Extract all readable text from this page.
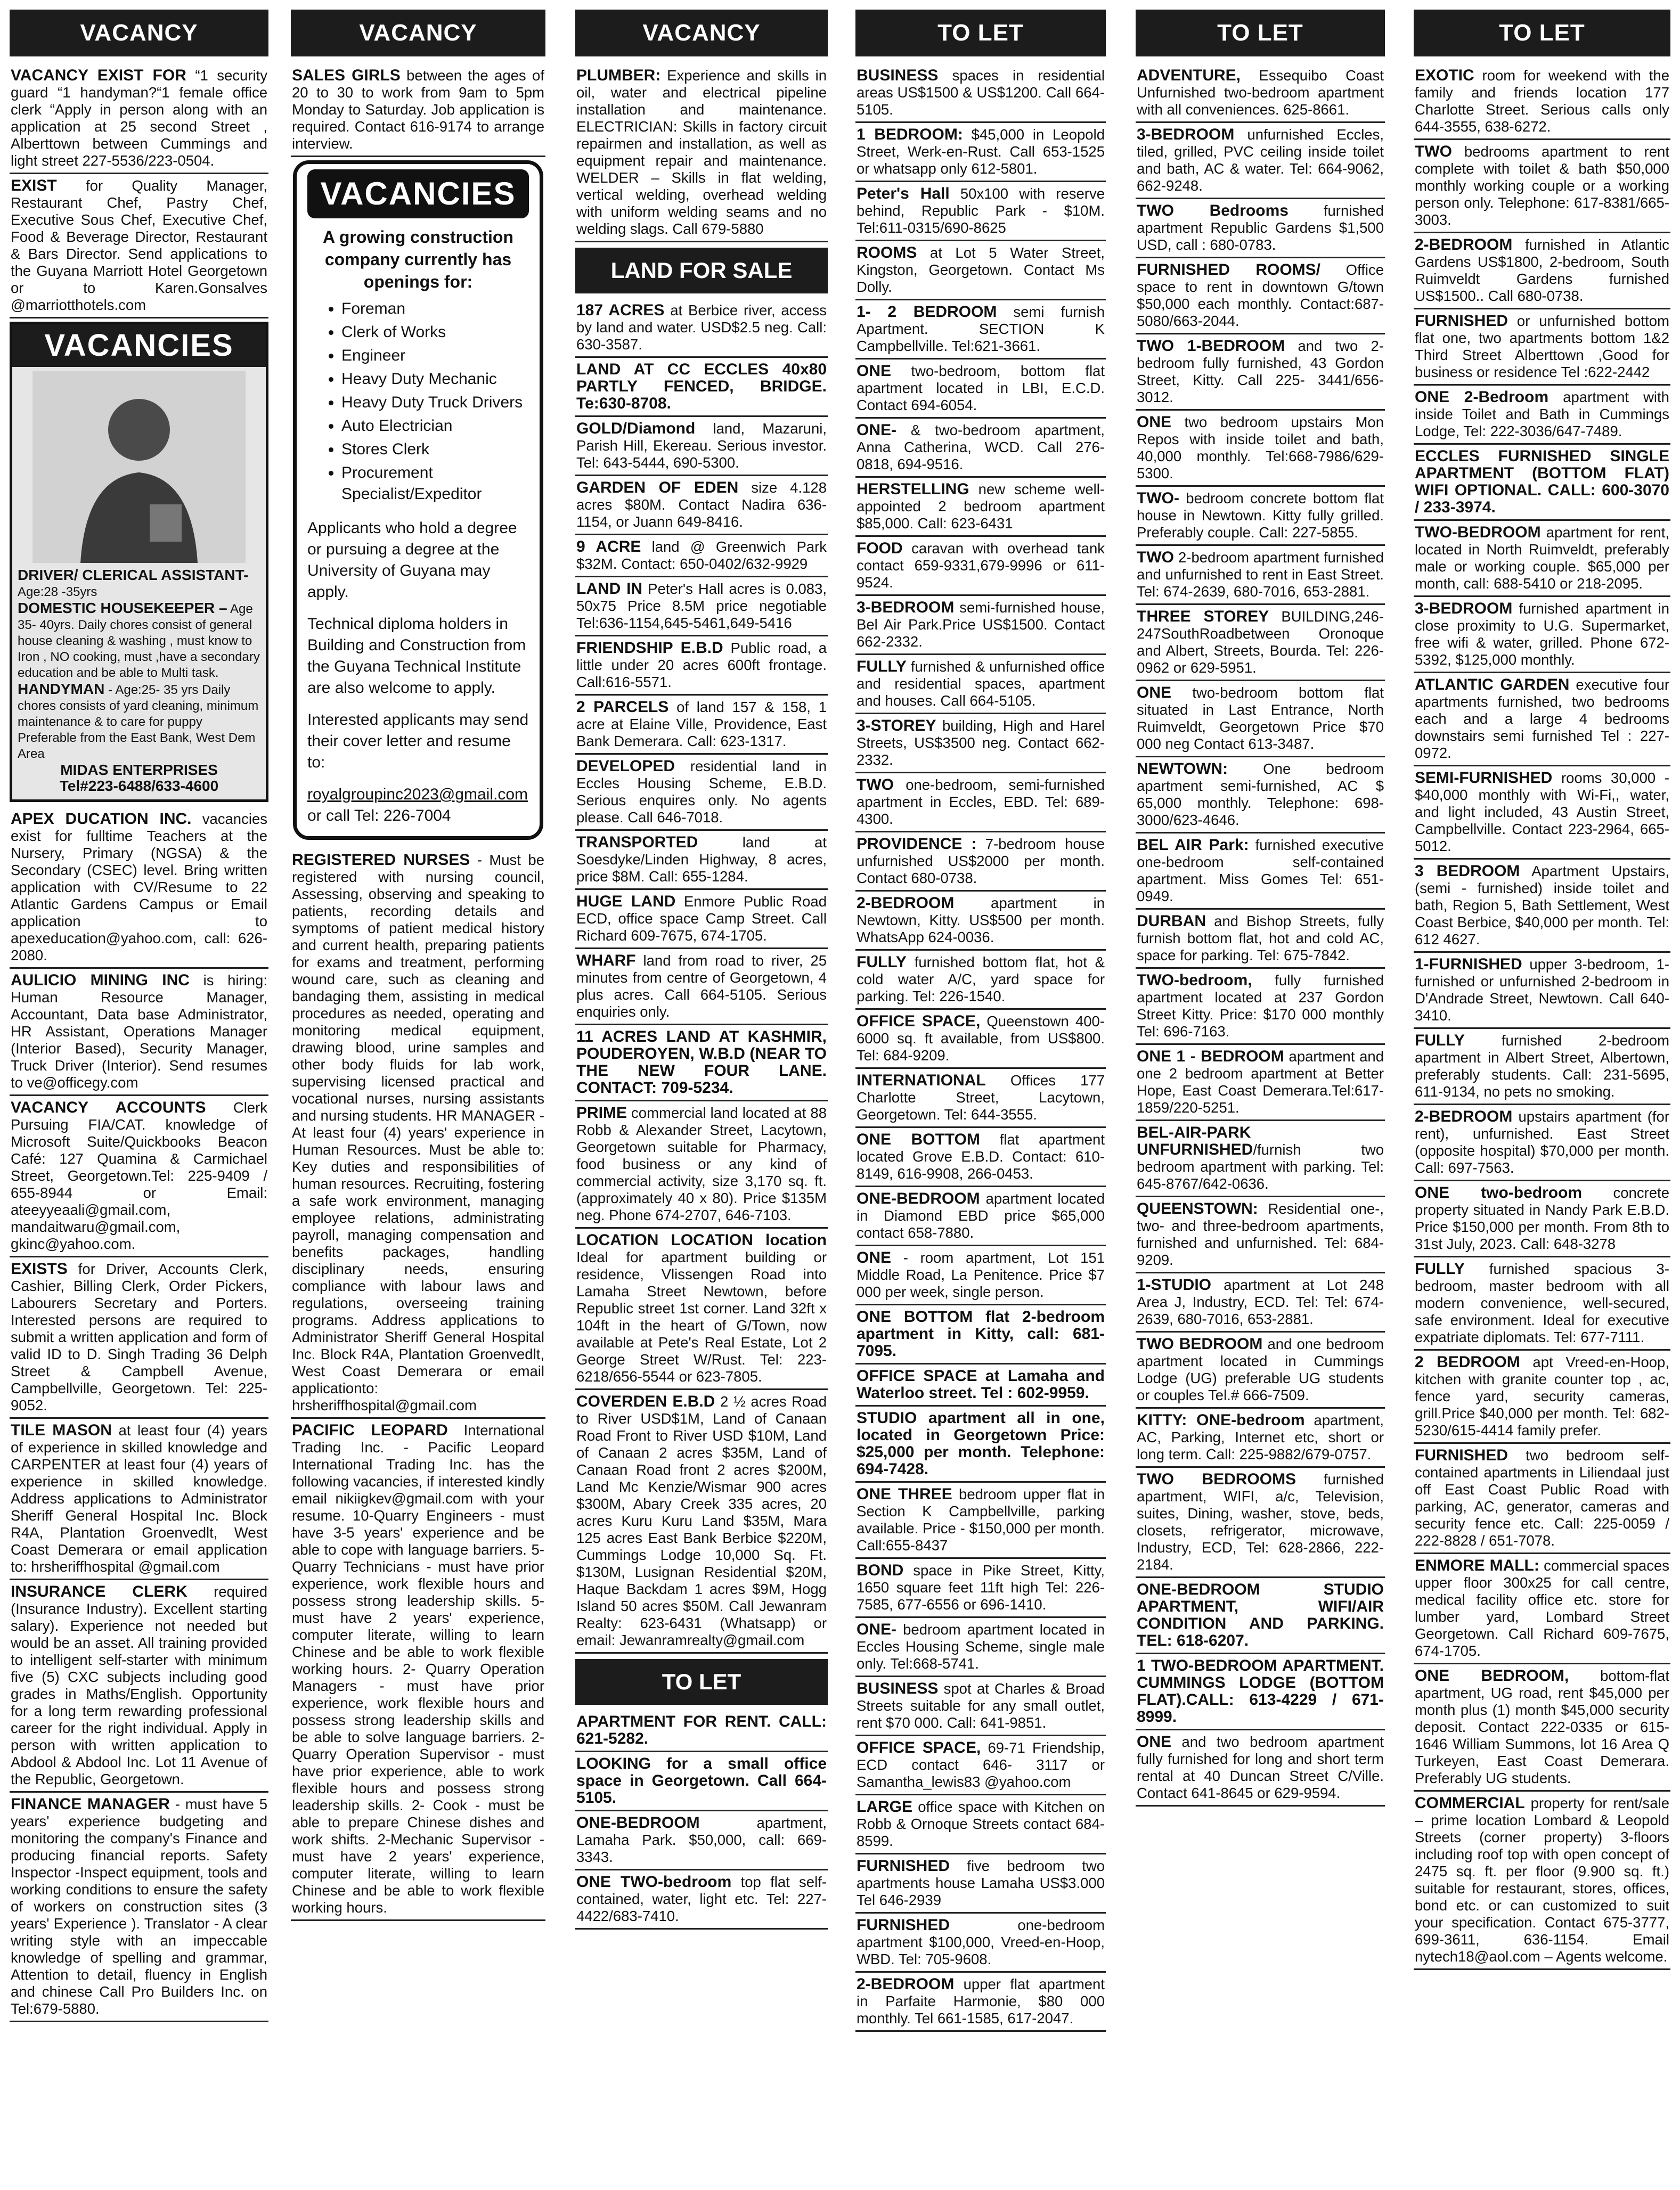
VACANCY
VACANCY EXIST FOR “1 security guard “1 handyman?“1 female office clerk “Apply in person along with an application at 25 second Street , Alberttown between Cummings and light street 227-5536/223-0504.
EXIST for Quality Manager, Restaurant Chef, Pastry Chef, Executive Sous Chef, Executive Chef, Food & Beverage Director, Restaurant & Bars Director. Send applications to the Guyana Marriott Hotel Georgetown or to Karen.Gonsalves @marriotthotels.com
VACANCIES
DRIVER/ CLERICAL ASSISTANT-
Age:28 -35yrs
DOMESTIC HOUSEKEEPER – Age 35- 40yrs. Daily chores consist of general house cleaning & washing , must know to Iron , NO cooking, must ,have a secondary education and be able to Multi task.
HANDYMAN - Age:25- 35 yrs Daily chores consists of yard cleaning, minimum maintenance & to care for puppy Preferable from the East Bank, West Dem Area
MIDAS ENTERPRISES
Tel#223-6488/633-4600
APEX DUCATION INC. vacancies exist for fulltime Teachers at the Nursery, Primary (NGSA) & the Secondary (CSEC) level. Bring written application with CV/Resume to 22 Atlantic Gardens Campus or Email application to apexeducation@yahoo.com, call: 626-2080.
AULICIO MINING INC is hiring: Human Resource Manager, Accountant, Data base Administrator, HR Assistant, Operations Manager (Interior Based), Security Manager, Truck Driver (Interior). Send resumes to ve@officegy.com
VACANCY ACCOUNTS Clerk Pursuing FIA/CAT. knowledge of Microsoft Suite/Quickbooks Beacon Café: 127 Quamina & Carmichael Street, Georgetown.Tel: 225-9409 / 655-8944 or Email: ateeyyeaali@gmail.com, mandaitwaru@gmail.com, gkinc@yahoo.com.
EXISTS for Driver, Accounts Clerk, Cashier, Billing Clerk, Order Pickers, Labourers Secretary and Porters. Interested persons are required to submit a written application and form of valid ID to D. Singh Trading 36 Delph Street & Campbell Avenue, Campbellville, Georgetown. Tel: 225-9052.
TILE MASON at least four (4) years of experience in skilled knowledge and CARPENTER at least four (4) years of experience in skilled knowledge. Address applications to Administrator Sheriff General Hospital Inc. Block R4A, Plantation Groenvedlt, West Coast Demerara or email application to: hrsheriffhospital @gmail.com
INSURANCE CLERK required (Insurance Industry). Excellent starting salary). Experience not needed but would be an asset. All training provided to intelligent self-starter with minimum five (5) CXC subjects including good grades in Maths/English. Opportunity for a long term rewarding professional career for the right individual. Apply in person with written application to Abdool & Abdool Inc. Lot 11 Avenue of the Republic, Georgetown.
FINANCE MANAGER - must have 5 years' experience budgeting and monitoring the company's Finance and producing financial reports. Safety Inspector -Inspect equipment, tools and working conditions to ensure the safety of workers on construction sites (3 years' Experience ). Translator - A clear writing style with an impeccable knowledge of spelling and grammar, Attention to detail, fluency in English and chinese Call Pro Builders Inc. on Tel:679-5880.
VACANCY
SALES GIRLS between the ages of 20 to 30 to work from 9am to 5pm Monday to Saturday. Job application is required. Contact 616-9174 to arrange interview.
VACANCIES
A growing construction company currently has openings for:
• Foreman
• Clerk of Works
• Engineer
• Heavy Duty Mechanic
• Heavy Duty Truck Drivers
• Auto Electrician
• Stores Clerk
• Procurement Specialist/Expeditor

Applicants who hold a degree or pursuing a degree at the University of Guyana may apply.

Technical diploma holders in Building and Construction from the Guyana Technical Institute are also welcome to apply.

Interested applicants may send their cover letter and resume to:

royalgroupinc2023@gmail.com
or call Tel: 226-7004
REGISTERED NURSES - Must be registered with nursing council, Assessing, observing and speaking to patients, recording details and symptoms of patient medical history and current health, preparing patients for exams and treatment, performing wound care, such as cleaning and bandaging them, assisting in medical procedures as needed, operating and monitoring medical equipment, drawing blood, urine samples and other body fluids for lab work, supervising licensed practical and vocational nurses, nursing assistants and nursing students. HR MANAGER - At least four (4) years' experience in Human Resources. Must be able to: Key duties and responsibilities of human resources. Recruiting, fostering a safe work environment, managing employee relations, administrating payroll, managing compensation and benefits packages, handling disciplinary needs, ensuring compliance with labour laws and regulations, overseeing training programs. Address applications to Administrator Sheriff General Hospital Inc. Block R4A, Plantation Groenvedlt, West Coast Demerara or email applicationto: hrsheriffhospital@gmail.com
PACIFIC LEOPARD International Trading Inc. - Pacific Leopard International Trading Inc. has the following vacancies, if interested kindly email nikiigkev@gmail.com with your resume. 10-Quarry Engineers - must have 3-5 years' experience and be able to cope with language barriers. 5-Quarry Technicians - must have prior experience, work flexible hours and possess strong leadership skills. 5-must have 2 years' experience, computer literate, willing to learn Chinese and be able to work flexible working hours. 2- Quarry Operation Managers - must have prior experience, work flexible hours and possess strong leadership skills and be able to solve language barriers. 2- Quarry Operation Supervisor - must have prior experience, able to work flexible hours and possess strong leadership skills. 2- Cook - must be able to prepare Chinese dishes and work shifts. 2-Mechanic Supervisor - must have 2 years' experience, computer literate, willing to learn Chinese and be able to work flexible working hours.
VACANCY
PLUMBER: Experience and skills in oil, water and electrical pipeline installation and maintenance. ELECTRICIAN: Skills in factory circuit repairmen and installation, as well as equipment repair and maintenance. WELDER – Skills in flat welding, vertical welding, overhead welding with uniform welding seams and no welding slags. Call 679-5880
LAND FOR SALE
187 ACRES at Berbice river, access by land and water. USD$2.5 neg. Call: 630-3587.
LAND AT CC ECCLES 40x80 PARTLY FENCED, BRIDGE. Te:630-8708.
GOLD/Diamond land, Mazaruni, Parish Hill, Ekereau. Serious investor. Tel: 643-5444, 690-5300.
GARDEN OF EDEN size 4.128 acres $80M. Contact Nadira 636-1154, or Juann 649-8416.
9 ACRE land @ Greenwich Park $32M. Contact: 650-0402/632-9929
LAND IN Peter's Hall acres is 0.083, 50x75 Price 8.5M price negotiable Tel:636-1154,645-5461,649-5416
FRIENDSHIP E.B.D Public road, a little under 20 acres 600ft frontage. Call:616-5571.
2 PARCELS of land 157 & 158, 1 acre at Elaine Ville, Providence, East Bank Demerara. Call: 623-1317.
DEVELOPED residential land in Eccles Housing Scheme, E.B.D. Serious enquires only. No agents please. Call 646-7018.
TRANSPORTED land at Soesdyke/Linden Highway, 8 acres, price $8M. Call: 655-1284.
HUGE LAND Enmore Public Road ECD, office space Camp Street. Call Richard 609-7675, 674-1705.
WHARF land from road to river, 25 minutes from centre of Georgetown, 4 plus acres. Call 664-5105. Serious enquiries only.
11 ACRES LAND AT KASHMIR, POUDEROYEN, W.B.D (NEAR TO THE NEW FOUR LANE. CONTACT: 709-5234.
PRIME commercial land located at 88 Robb & Alexander Street, Lacytown, Georgetown suitable for Pharmacy, food business or any kind of commercial activity, size 3,170 sq. ft. (approximately 40 x 80). Price $135M neg. Phone 674-2707, 646-7103.
LOCATION LOCATION location Ideal for apartment building or residence, Vlissengen Road into Lamaha Street Newtown, before Republic street 1st corner. Land 32ft x 104ft in the heart of G/Town, now available at Pete's Real Estate, Lot 2 George Street W/Rust. Tel: 223-6218/656-5544 or 623-7805.
COVERDEN E.B.D 2 ½ acres Road to River USD$1M, Land of Canaan Road Front to River USD $10M, Land of Canaan 2 acres $35M, Land of Canaan Road front 2 acres $200M, Land Mc Kenzie/Wismar 900 acres $300M, Abary Creek 335 acres, 20 acres Kuru Kuru Land $35M, Mara 125 acres East Bank Berbice $220M, Cummings Lodge 10,000 Sq. Ft. $130M, Lusignan Residential $20M, Haque Backdam 1 acres $9M, Hogg Island 50 acres $50M. Call Jewanram Realty: 623-6431 (Whatsapp) or email: Jewanramrealty@gmail.com
TO LET
APARTMENT FOR RENT. CALL: 621-5282.
LOOKING for a small office space in Georgetown. Call 664-5105.
ONE-BEDROOM apartment, Lamaha Park. $50,000, call: 669-3343.
ONE TWO-bedroom top flat self-contained, water, light etc. Tel: 227-4422/683-7410.
TO LET
BUSINESS spaces in residential areas US$1500 & US$1200. Call 664-5105.
1 BEDROOM: $45,000 in Leopold Street, Werk-en-Rust. Call 653-1525 or whatsapp only 612-5801.
Peter's Hall 50x100 with reserve behind, Republic Park - $10M. Tel:611-0315/690-8625
ROOMS at Lot 5 Water Street, Kingston, Georgetown. Contact Ms Dolly.
1- 2 BEDROOM semi furnish Apartment. SECTION K Campbellville. Tel:621-3661.
ONE two-bedroom, bottom flat apartment located in LBI, E.C.D. Contact 694-6054.
ONE- & two-bedroom apartment, Anna Catherina, WCD. Call 276-0818, 694-9516.
HERSTELLING new scheme well-appointed 2 bedroom apartment $85,000. Call: 623-6431
FOOD caravan with overhead tank contact 659-9331,679-9996 or 611-9524.
3-BEDROOM semi-furnished house, Bel Air Park.Price US$1500. Contact 662-2332.
FULLY furnished & unfurnished office and residential spaces, apartment and houses. Call 664-5105.
3-STOREY building, High and Harel Streets, US$3500 neg. Contact 662-2332.
TWO one-bedroom, semi-furnished apartment in Eccles, EBD. Tel: 689-4300.
PROVIDENCE : 7-bedroom house unfurnished US$2000 per month. Contact 680-0738.
2-BEDROOM apartment in Newtown, Kitty. US$500 per month. WhatsApp 624-0036.
FULLY furnished bottom flat, hot & cold water A/C, yard space for parking. Tel: 226-1540.
OFFICE SPACE, Queenstown 400-6000 sq. ft available, from US$800. Tel: 684-9209.
INTERNATIONAL Offices 177 Charlotte Street, Lacytown, Georgetown. Tel: 644-3555.
ONE BOTTOM flat apartment located Grove E.B.D. Contact: 610-8149, 616-9908, 266-0453.
ONE-BEDROOM apartment located in Diamond EBD price $65,000 contact 658-7880.
ONE - room apartment, Lot 151 Middle Road, La Penitence. Price $7 000 per week, single person.
ONE BOTTOM flat 2-bedroom apartment in Kitty, call: 681-7095.
OFFICE SPACE at Lamaha and Waterloo street. Tel : 602-9959.
STUDIO apartment all in one, located in Georgetown Price: $25,000 per month. Telephone: 694-7428.
ONE THREE bedroom upper flat in Section K Campbellville, parking available. Price - $150,000 per month. Call:655-8437
BOND space in Pike Street, Kitty, 1650 square feet 11ft high Tel: 226-7585, 677-6556 or 696-1410.
ONE- bedroom apartment located in Eccles Housing Scheme, single male only. Tel:668-5741.
BUSINESS spot at Charles & Broad Streets suitable for any small outlet, rent $70 000. Call: 641-9851.
OFFICE SPACE, 69-71 Friendship, ECD contact 646- 3117 or Samantha_lewis83 @yahoo.com
LARGE office space with Kitchen on Robb & Ornoque Streets contact 684-8599.
FURNISHED five bedroom two apartments house Lamaha US$3.000 Tel 646-2939
FURNISHED one-bedroom apartment $100,000, Vreed-en-Hoop, WBD. Tel: 705-9608.
2-BEDROOM upper flat apartment in Parfaite Harmonie, $80 000 monthly. Tel 661-1585, 617-2047.
TO LET
ADVENTURE, Essequibo Coast Unfurnished two-bedroom apartment with all conveniences. 625-8661.
3-BEDROOM unfurnished Eccles, tiled, grilled, PVC ceiling inside toilet and bath, AC & water. Tel: 664-9062, 662-9248.
TWO Bedrooms furnished apartment Republic Gardens $1,500 USD, call : 680-0783.
FURNISHED ROOMS/ Office space to rent in downtown G/town $50,000 each monthly. Contact:687-5080/663-2044.
TWO 1-BEDROOM and two 2-bedroom fully furnished, 43 Gordon Street, Kitty. Call 225- 3441/656-3012.
ONE two bedroom upstairs Mon Repos with inside toilet and bath, 40,000 monthly. Tel:668-7986/629-5300.
TWO- bedroom concrete bottom flat house in Newtown. Kitty fully grilled. Preferably couple. Call: 227-5855.
TWO 2-bedroom apartment furnished and unfurnished to rent in East Street. Tel: 674-2639, 680-7016, 653-2881.
THREE STOREY BUILDING,246-247SouthRoadbetween Oronoque and Albert, Streets, Bourda. Tel: 226-0962 or 629-5951.
ONE two-bedroom bottom flat situated in Last Entrance, North Ruimveldt, Georgetown Price $70 000 neg Contact 613-3487.
NEWTOWN: One bedroom apartment semi-furnished, AC $ 65,000 monthly. Telephone: 698-3000/623-4646.
BEL AIR Park: furnished executive one-bedroom self-contained apartment. Miss Gomes Tel: 651-0949.
DURBAN and Bishop Streets, fully furnish bottom flat, hot and cold AC, space for parking. Tel: 675-7842.
TWO-bedroom, fully furnished apartment located at 237 Gordon Street Kitty. Price: $170 000 monthly Tel: 696-7163.
ONE 1 - BEDROOM apartment and one 2 bedroom apartment at Better Hope, East Coast Demerara.Tel:617-1859/220-5251.
BEL-AIR-PARK UNFURNISHED/furnish two bedroom apartment with parking. Tel: 645-8767/642-0636.
QUEENSTOWN: Residential one-, two- and three-bedroom apartments, furnished and unfurnished. Tel: 684-9209.
1-STUDIO apartment at Lot 248 Area J, Industry, ECD. Tel: Tel: 674-2639, 680-7016, 653-2881.
TWO BEDROOM and one bedroom apartment located in Cummings Lodge (UG) preferable UG students or couples Tel.# 666-7509.
KITTY: ONE-bedroom apartment, AC, Parking, Internet etc, short or long term. Call: 225-9882/679-0757.
TWO BEDROOMS furnished apartment, WIFI, a/c, Television, suites, Dining, washer, stove, beds, closets, refrigerator, microwave, Industry, ECD, Tel: 628-2866, 222-2184.
ONE-BEDROOM STUDIO APARTMENT, WIFI/AIR CONDITION AND PARKING. TEL: 618-6207.
1 TWO-BEDROOM APARTMENT. CUMMINGS LODGE (BOTTOM FLAT).CALL: 613-4229 / 671-8999.
ONE and two bedroom apartment fully furnished for long and short term rental at 40 Duncan Street C/Ville. Contact 641-8645 or 629-9594.
TO LET
EXOTIC room for weekend with the family and friends location 177 Charlotte Street. Serious calls only 644-3555, 638-6272.
TWO bedrooms apartment to rent complete with toilet & bath $50,000 monthly working couple or a working person only. Telephone: 617-8381/665-3003.
2-BEDROOM furnished in Atlantic Gardens US$1800, 2-bedroom, South Ruimveldt Gardens furnished US$1500.. Call 680-0738.
FURNISHED or unfurnished bottom flat one, two apartments bottom 1&2 Third Street Alberttown ,Good for business or residence Tel :622-2442
ONE 2-Bedroom apartment with inside Toilet and Bath in Cummings Lodge, Tel: 222-3036/647-7489.
ECCLES FURNISHED SINGLE APARTMENT (BOTTOM FLAT) WIFI OPTIONAL. CALL: 600-3070 / 233-3974.
TWO-BEDROOM apartment for rent, located in North Ruimveldt, preferably male or working couple. $65,000 per month, call: 688-5410 or 218-2095.
3-BEDROOM furnished apartment in close proximity to U.G. Supermarket, free wifi & water, grilled. Phone 672-5392, $125,000 monthly.
ATLANTIC GARDEN executive four apartments furnished, two bedrooms each and a large 4 bedrooms downstairs semi furnished Tel : 227-0972.
SEMI-FURNISHED rooms 30,000 - $40,000 monthly with Wi-Fi,, water, and light included, 43 Austin Street, Campbellville. Contact 223-2964, 665-5012.
3 BEDROOM Apartment Upstairs, (semi - furnished) inside toilet and bath, Region 5, Bath Settlement, West Coast Berbice, $40,000 per month. Tel: 612 4627.
1-FURNISHED upper 3-bedroom, 1-furnished or unfurnished 2-bedroom in D'Andrade Street, Newtown. Call 640-3410.
FULLY furnished 2-bedroom apartment in Albert Street, Albertown, preferably students. Call: 231-5695, 611-9134, no pets no smoking.
2-BEDROOM upstairs apartment (for rent), unfurnished. East Street (opposite hospital) $70,000 per month. Call: 697-7563.
ONE two-bedroom concrete property situated in Nandy Park E.B.D. Price $150,000 per month. From 8th to 31st July, 2023. Call: 648-3278
FULLY furnished spacious 3-bedroom, master bedroom with all modern convenience, well-secured, safe environment. Ideal for executive expatriate diplomats. Tel: 677-7111.
2 BEDROOM apt Vreed-en-Hoop, kitchen with granite counter top , ac, fence yard, security cameras, grill.Price $40,000 per month. Tel: 682-5230/615-4414 family prefer.
FURNISHED two bedroom self-contained apartments in Liliendaal just off East Coast Public Road with parking, AC, generator, cameras and security fence etc. Call: 225-0059 / 222-8828 / 651-7078.
ENMORE MALL: commercial spaces upper floor 300x25 for call centre, medical facility office etc. store for lumber yard, Lombard Street Georgetown. Call Richard 609-7675, 674-1705.
ONE BEDROOM, bottom-flat apartment, UG road, rent $45,000 per month plus (1) month $45,000 security deposit. Contact 222-0335 or 615-1646 William Summons, lot 16 Area Q Turkeyen, East Coast Demerara. Preferably UG students.
COMMERCIAL property for rent/sale – prime location Lombard & Leopold Streets (corner property) 3-floors including roof top with open concept of 2475 sq. ft. per floor (9.900 sq. ft.) suitable for restaurant, stores, offices, bond etc. or can customized to suit your specification. Contact 675-3777, 699-3611, 636-1154. Email nytech18@aol.com – Agents welcome.
